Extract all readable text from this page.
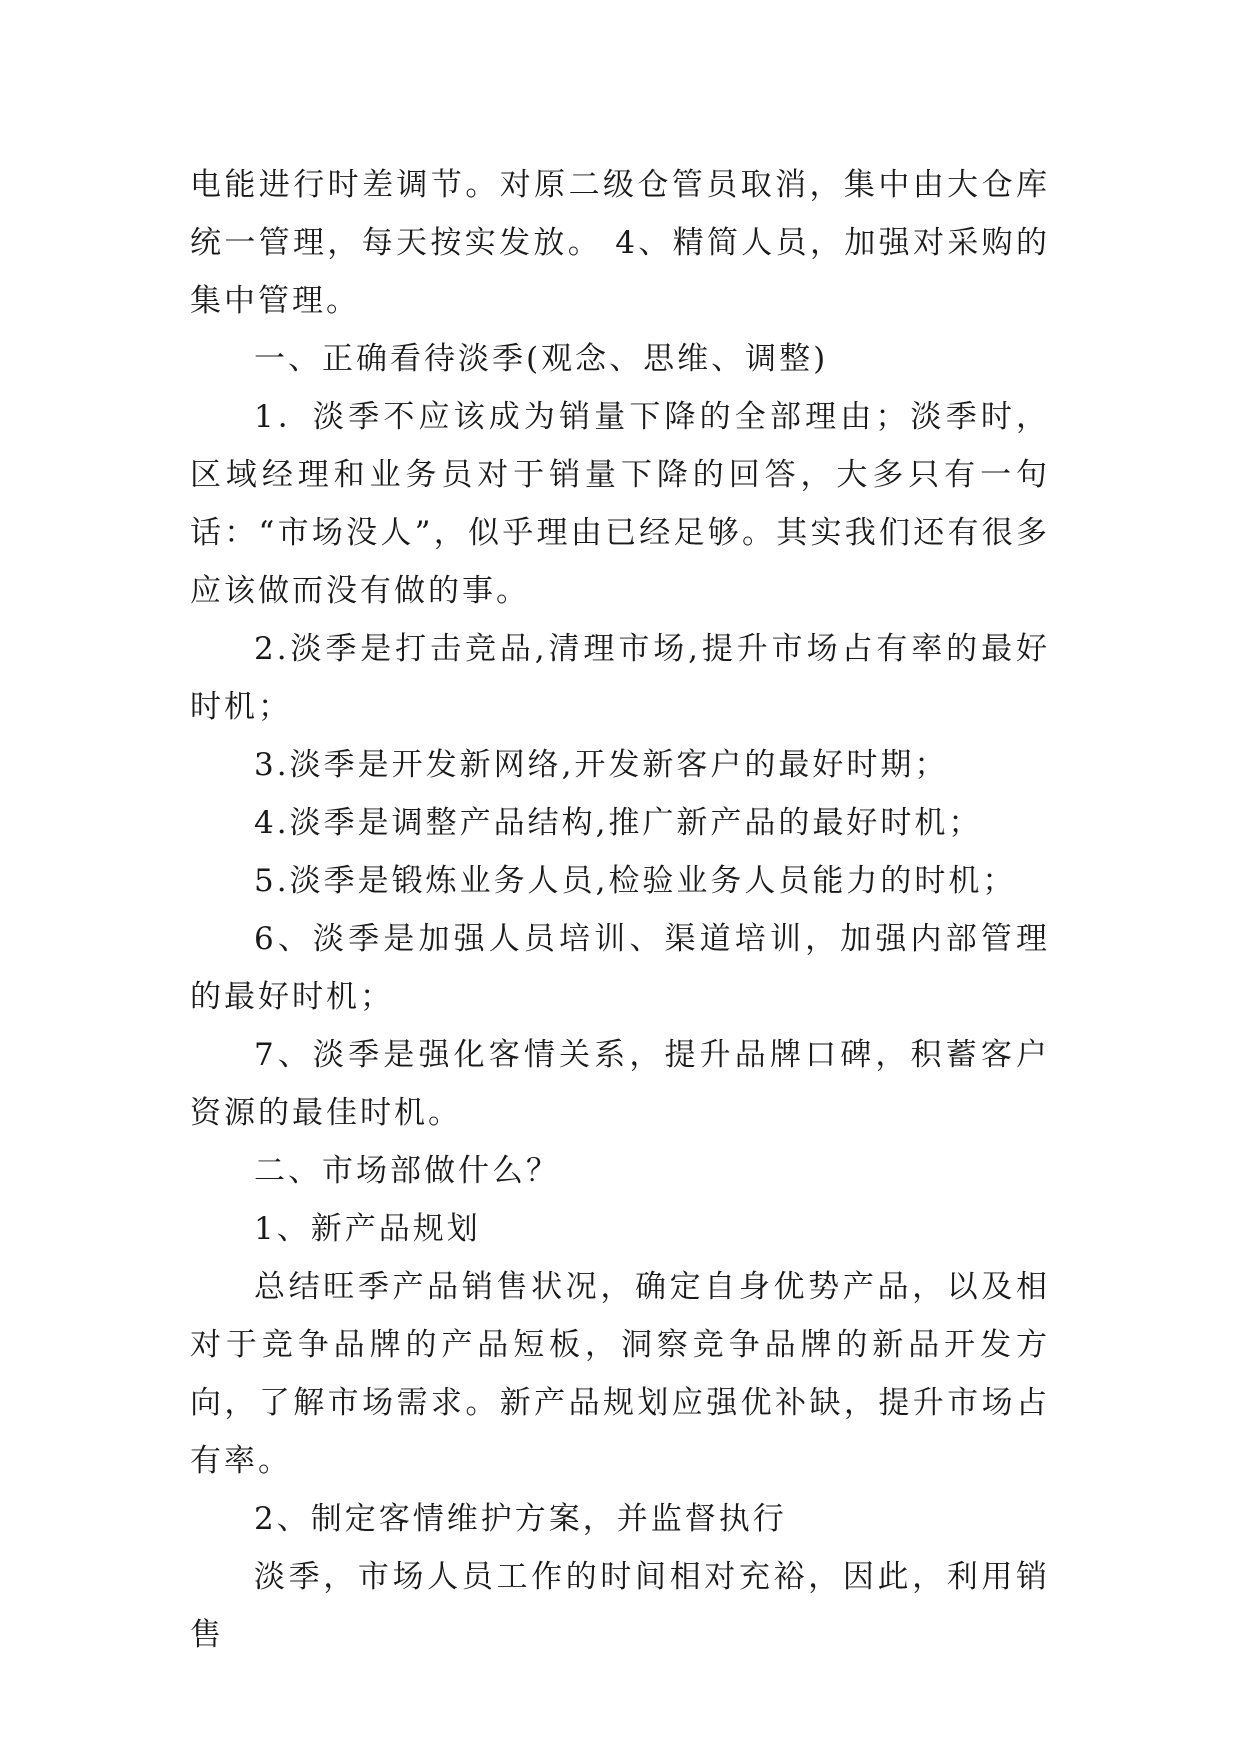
电能进行时差调节。对原二级仓管员取消，集中由大仓库统一管理，每天按实发放。 4、精简人员，加强对采购的集中管理。

一、正确看待淡季(观念、思维、调整)

1．淡季不应该成为销量下降的全部理由；淡季时，区域经理和业务员对于销量下降的回答，大多只有一句话：“市场没人”，似乎理由已经足够。其实我们还有很多应该做而没有做的事。

2.淡季是打击竞品,清理市场,提升市场占有率的最好时机；

3.淡季是开发新网络,开发新客户的最好时期；

4.淡季是调整产品结构,推广新产品的最好时机；

5.淡季是锻炼业务人员,检验业务人员能力的时机；

6、淡季是加强人员培训、渠道培训，加强内部管理的最好时机；

7、淡季是强化客情关系，提升品牌口碑，积蓄客户资源的最佳时机。

二、市场部做什么？

1、新产品规划

总结旺季产品销售状况，确定自身优势产品，以及相对于竞争品牌的产品短板，洞察竞争品牌的新品开发方向，了解市场需求。新产品规划应强优补缺，提升市场占有率。

2、制定客情维护方案，并监督执行

淡季，市场人员工作的时间相对充裕，因此，利用销售
